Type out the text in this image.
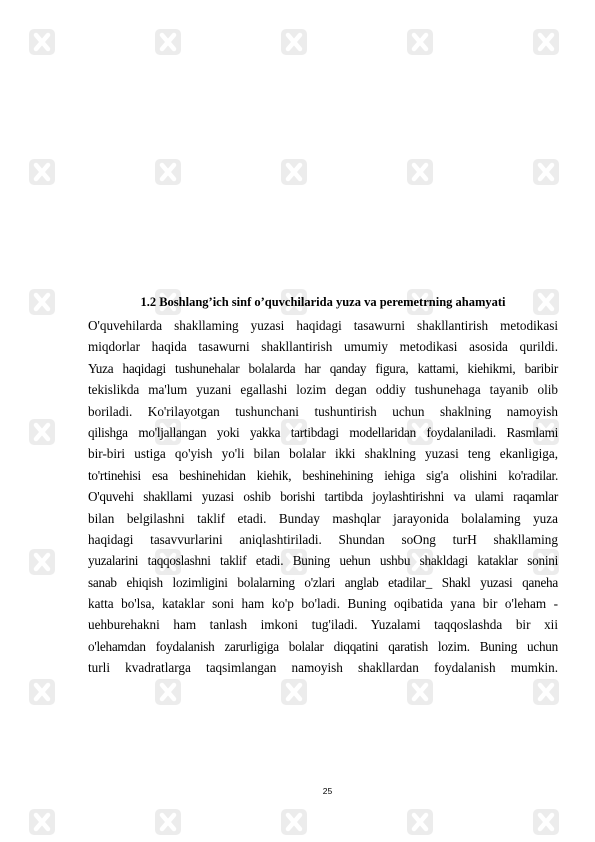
1.2 Boshlang’ich sinf o’quvchilarida yuza va peremetrning ahamyati
O'quvehilarda shakllaming yuzasi haqidagi tasawurni shakllantirish metodikasi
miqdorlar haqida tasawurni shakllantirish umumiy metodikasi asosida qurildi.
Yuza haqidagi tushunehalar bolalarda har qanday figura, kattami, kiehikmi, baribir
tekislikda ma'lum yuzani egallashi lozim degan oddiy tushunehaga tayanib olib
boriladi. Ko'rilayotgan tushunchani tushuntirish uchun shaklning namoyish
qilishga mo'ljallangan yoki yakka tartibdagi modellaridan foydalaniladi. Rasmlami
bir-biri ustiga qo'yish yo'li bilan bolalar ikki shaklning yuzasi teng ekanligiga,
to'rtinehisi esa beshinehidan kiehik, beshinehining iehiga sig'a olishini ko'radilar.
O'quvehi shakllami yuzasi oshib borishi tartibda joylashtirishni va ulami raqamlar
bilan belgilashni taklif etadi. Bunday mashqlar jarayonida bolalaming yuza
haqidagi tasavvurlarini aniqlashtiriladi. Shundan soOng turH shakllaming
yuzalarini taqqoslashni taklif etadi. Buning uehun ushbu shakldagi kataklar sonini
sanab ehiqish lozimligini bolalarning o'zlari anglab etadilar_ Shakl yuzasi qaneha
katta bo'lsa, kataklar soni ham ko'p bo'ladi. Buning oqibatida yana bir o'leham -
uehburehakni ham tanlash imkoni tug'iladi. Yuzalami taqqoslashda bir xii
o'lehamdan foydalanish zarurligiga bolalar diqqatini qaratish lozim. Buning uchun
turli kvadratlarga taqsimlangan namoyish shakllardan foydalanish mumkin.
25
